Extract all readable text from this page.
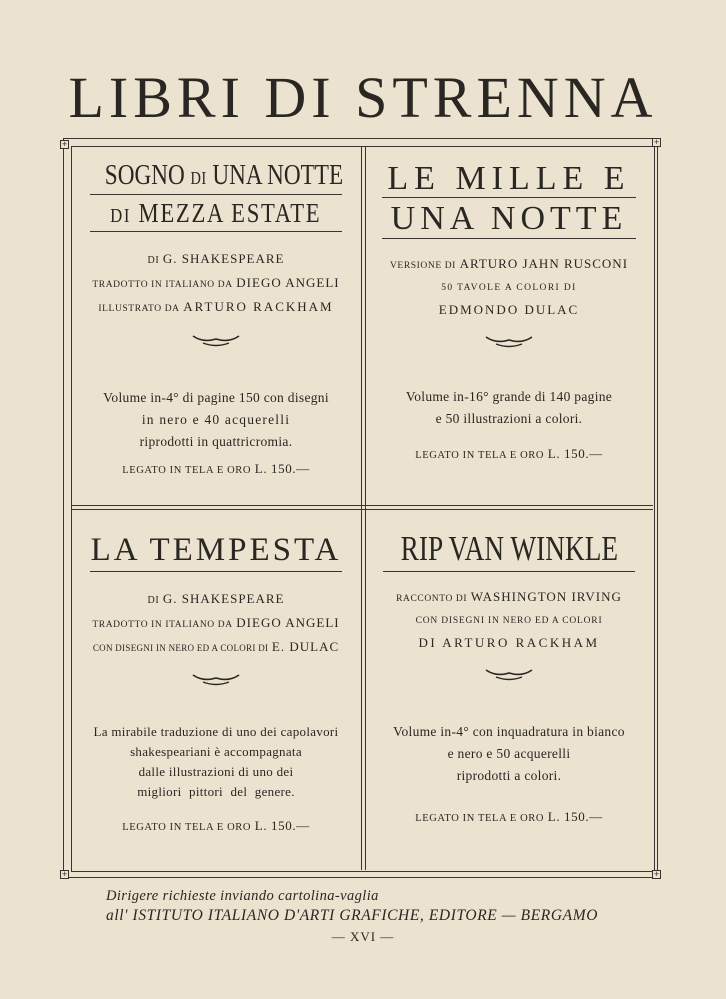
LIBRI DI STRENNA
+	+
+	+
SOGNO DI UNA NOTTE
DI MEZZA ESTATE
DI G. SHAKESPEARE
TRADOTTO IN ITALIANO DA DIEGO ANGELI
ILLUSTRATO DA ARTURO RACKHAM
Volume in-4° di pagine 150 con disegni
in nero e 40 acquerelli
riprodotti in quattricromia.
LEGATO IN TELA E ORO L. 150.—
LE MILLE E
UNA NOTTE
VERSIONE DI ARTURO JAHN RUSCONI
50 TAVOLE A COLORI DI
EDMONDO DULAC
Volume in-16° grande di 140 pagine
e 50 illustrazioni a colori.
LEGATO IN TELA E ORO L. 150.—
LA TEMPESTA
DI G. SHAKESPEARE
TRADOTTO IN ITALIANO DA DIEGO ANGELI
CON DISEGNI IN NERO ED A COLORI DI E. DULAC
La mirabile traduzione di uno dei capolavori
shakespeariani è accompagnata
dalle illustrazioni di uno dei
migliori pittori del genere.
LEGATO IN TELA E ORO L. 150.—
RIP VAN WINKLE
RACCONTO DI WASHINGTON IRVING
CON DISEGNI IN NERO ED A COLORI
DI ARTURO RACKHAM
Volume in-4° con inquadratura in bianco
e nero e 50 acquerelli
riprodotti a colori.
LEGATO IN TELA E ORO L. 150.—
Dirigere richieste inviando cartolina-vaglia
all' ISTITUTO ITALIANO D'ARTI GRAFICHE, EDITORE — BERGAMO
— XVI —
